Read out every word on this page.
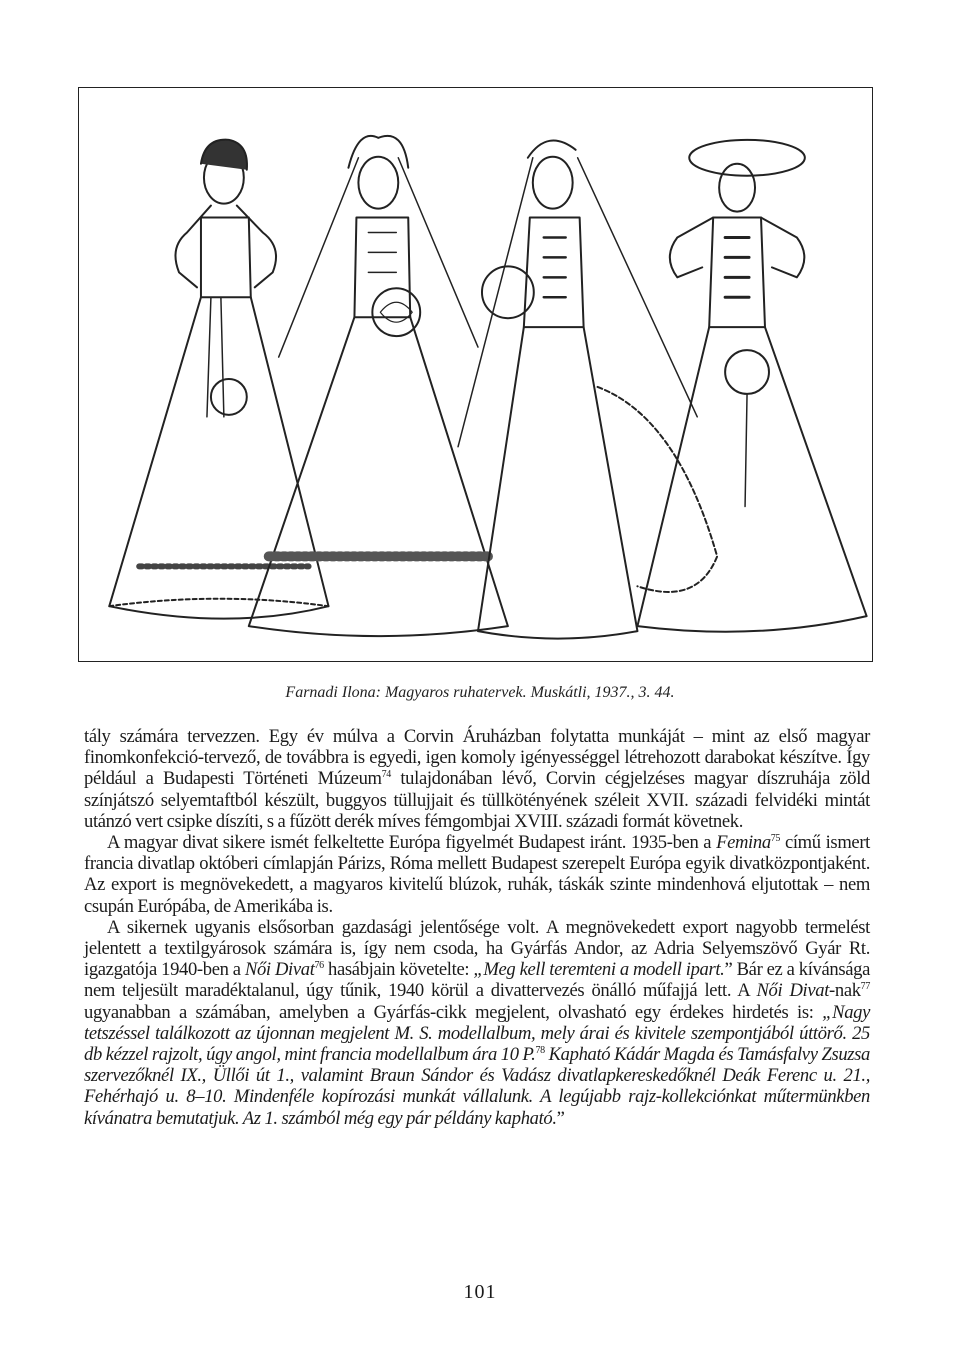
Farnadi Ilona: Magyaros ruhatervek. Muskátli, 1937., 3. 44.

tály számára tervezzen. Egy év múlva a Corvin Áruházban folytatta munkáját – mint az első magyar finomkonfekció-tervező, de továbbra is egyedi, igen komoly igényességgel létrehozott darabokat készítve. Így például a Budapesti Történeti Múzeum$^{74}$ tulajdonában lévő, Corvin cégjelzéses magyar díszruhája zöld színjátszó selyemtaftból készült, buggyos tüllujjait és tüllkötényének széleit XVII. századi felvidéki mintát utánzó vert csipke díszíti, s a fűzött derék míves fémgombjai XVIII. századi formát követnek.

A magyar divat sikere ismét felkeltette Európa figyelmét Budapest iránt. 1935-ben a Femina$^{75}$ című ismert francia divatlap októberi címlapján Párizs, Róma mellett Budapest szerepelt Európa egyik divatközpontjaként. Az export is megnövekedett, a magyaros kivitelű blúzok, ruhák, táskák szinte mindenhová eljutottak – nem csupán Európába, de Amerikába is.

A sikernek ugyanis elsősorban gazdasági jelentősége volt. A megnövekedett export nagyobb termelést jelentett a textilgyárosok számára is, így nem csoda, ha Gyárfás Andor, az Adria Selyemszövő Gyár Rt. igazgatója 1940-ben a Női Divat$^{76}$ hasábjain követelte: „Meg kell teremteni a modell ipart.” Bár ez a kívánsága nem teljesült maradéktalanul, úgy tűnik, 1940 körül a divattervezés önálló műfajjá lett. A Női Divat-nak$^{77}$ ugyanabban a számában, amelyben a Gyárfás-cikk megjelent, olvasható egy érdekes hirdetés is: „Nagy tetszéssel találkozott az újonnan megjelent M. S. modellalbum, mely árai és kivitele szempontjából úttörő. 25 db kézzel rajzolt, úgy angol, mint francia modellalbum ára 10 P.$^{78}$ Kapható Kádár Magda és Tamásfalvy Zsuzsa szervezőknél IX., Üllői út 1., valamint Braun Sándor és Vadász divatlapkereskedőknél Deák Ferenc u. 21., Fehérhajó u. 8–10. Mindenféle kopírozási munkát vállalunk. A legújabb rajz-kollekciónkat műtermünkben kívánatra bemutatjuk. Az 1. számból még egy pár példány kapható.”

101
